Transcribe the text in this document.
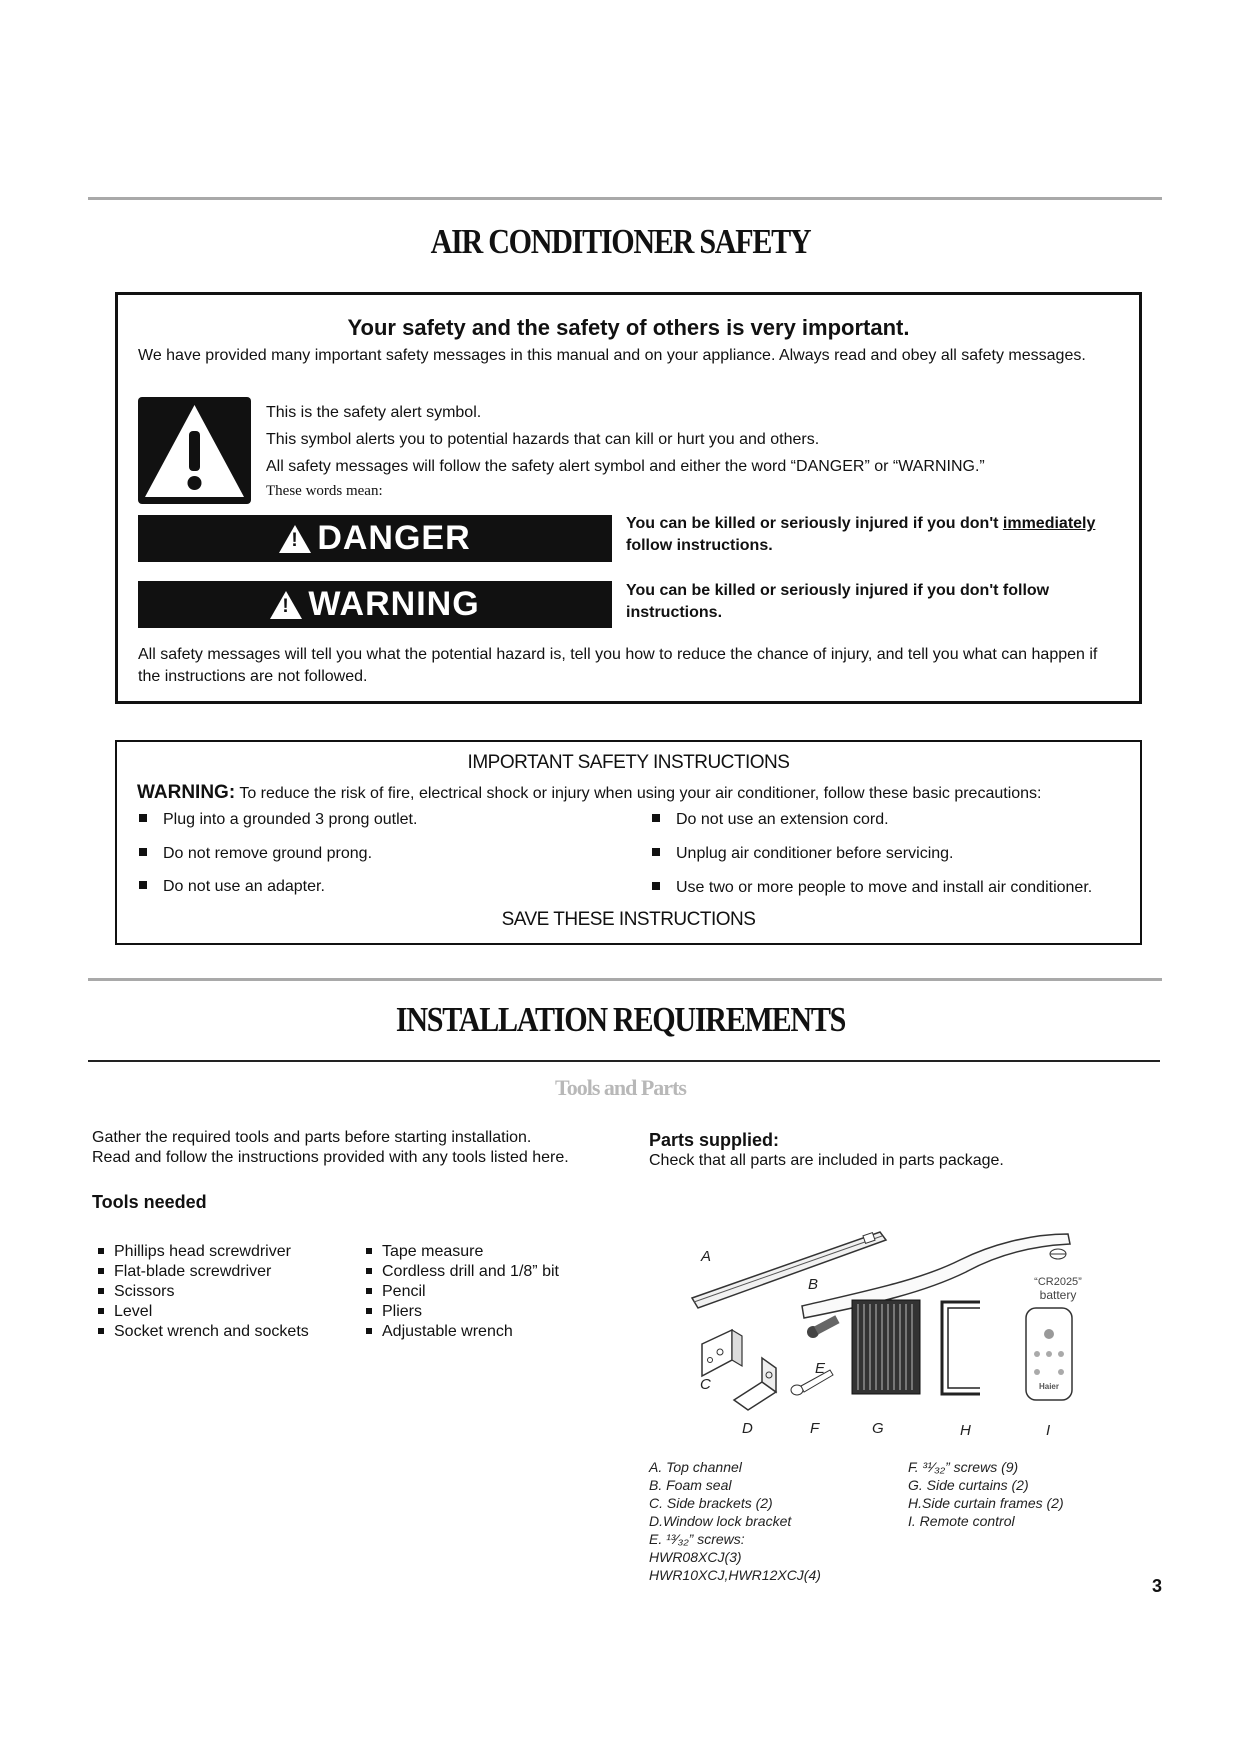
AIR CONDITIONER SAFETY
Your safety and the safety of others is very important.
We have provided many important safety messages in this manual and on your appliance. Always read and obey all safety messages.
This is the safety alert symbol.
This symbol alerts you to potential hazards that can kill or hurt you and others.
All safety messages will follow the safety alert symbol and either the word “DANGER” or “WARNING.”
These words mean:
!
DANGER	You can be killed or seriously injured if you don't immediately
follow instructions.
!
WARNING	You can be killed or seriously injured if you don't follow instructions.
All safety messages will tell you what the potential hazard is, tell you how to reduce the chance of injury, and tell you what can happen if the instructions are not followed.
IMPORTANT SAFETY INSTRUCTIONS
WARNING: To reduce the risk of fire, electrical shock or injury when using your air conditioner, follow these basic precautions:
Plug into a grounded 3 prong outlet.
Do not remove ground prong.
Do not use an adapter.
Do not use an extension cord.
Unplug air conditioner before servicing.
Use two or more people to move and install air conditioner.
SAVE THESE INSTRUCTIONS
INSTALLATION REQUIREMENTS
Tools and Parts
Gather the required tools and parts before starting installation.
Read and follow the instructions provided with any tools listed here.
Tools needed
Phillips head screwdriver
Flat-blade screwdriver
Scissors
Level
Socket wrench and sockets
Tape measure
Cordless drill and 1/8” bit
Pencil
Pliers
Adjustable wrench
Parts supplied:
Check that all parts are included in parts package.
A
B
C
D
E
F	G	H	I
“CR2025”
battery
Haier
A. Top channel
B. Foam seal
C. Side brackets (2)
D.Window lock bracket
E. ¹³⁄₃₂” screws:
HWR08XCJ(3)
HWR10XCJ,HWR12XCJ(4)
F. ³¹⁄₃₂” screws (9)
G. Side curtains (2)
H.Side curtain frames (2)
I. Remote control
3
